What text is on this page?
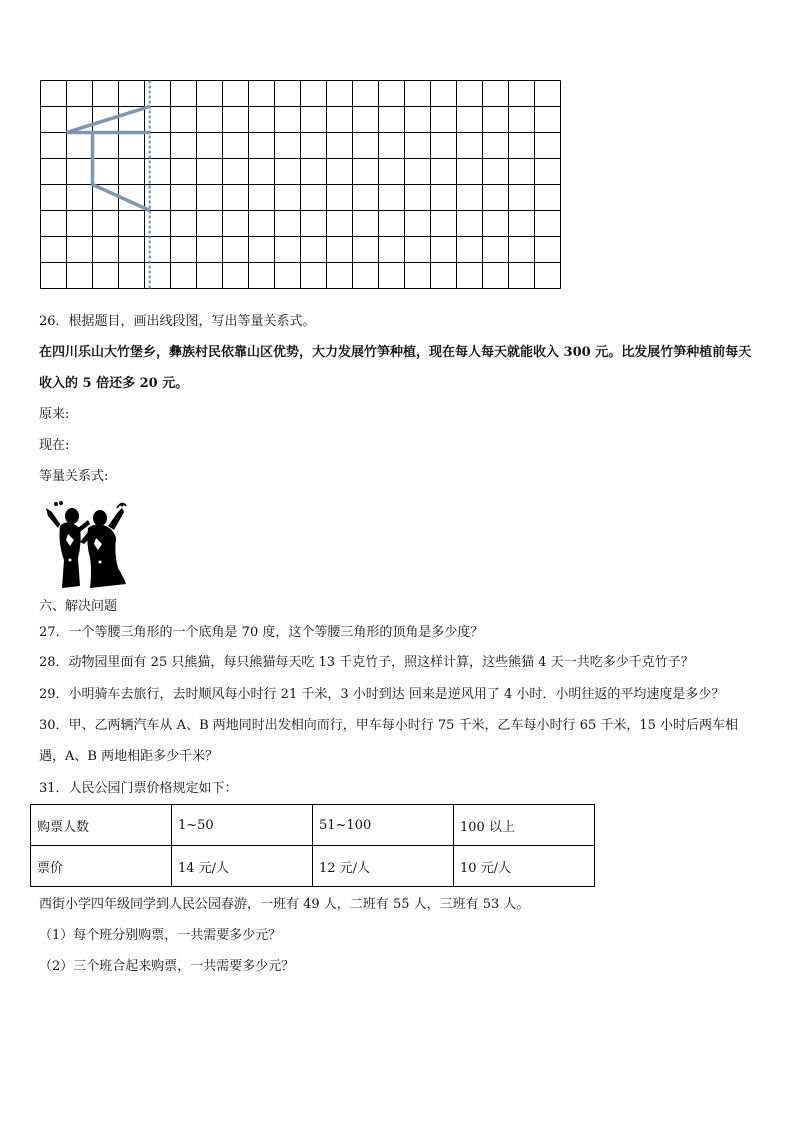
26．根据题目，画出线段图，写出等量关系式。
在四川乐山大竹堡乡，彝族村民依靠山区优势，大力发展竹笋种植，现在每人每天就能收入 300 元。比发展竹笋种植前每天收入的 5 倍还多 20 元。
原来:
现在:
等量关系式:
六、解决问题
27．一个等腰三角形的一个底角是 70 度，这个等腰三角形的顶角是多少度？
28．动物园里面有 25 只熊猫，每只熊猫每天吃 13 千克竹子，照这样计算，这些熊猫 4 天一共吃多少千克竹子？
29．小明骑车去旅行，去时顺风每小时行 21 千米，3 小时到达 回来是逆风用了 4 小时．小明往返的平均速度是多少？
30．甲、乙两辆汽车从 A、B 两地同时出发相向而行，甲车每小时行 75 千米，乙车每小时行 65 千米，15 小时后两车相遇，A、B 两地相距多少千米？
31．人民公园门票价格规定如下：
购票人数	1~50	51~100	100 以上
票价	14 元/人	12 元/人	10 元/人
西街小学四年级同学到人民公园春游，一班有 49 人，二班有 55 人，三班有 53 人。
（1）每个班分别购票，一共需要多少元？
（2）三个班合起来购票，一共需要多少元？
